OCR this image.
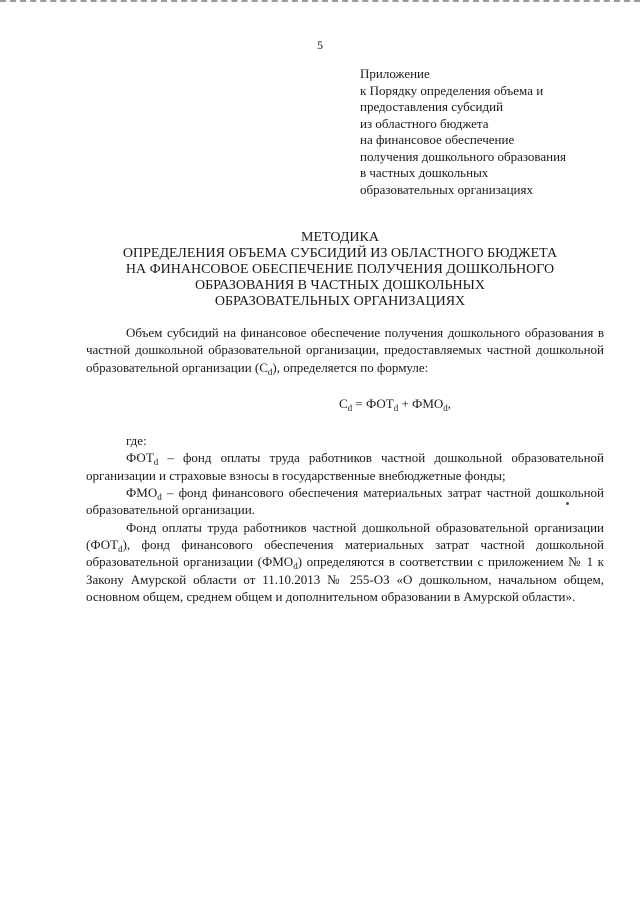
5
Приложение
к Порядку определения объема и
предоставления субсидий
из областного бюджета
на финансовое обеспечение
получения дошкольного образования
в частных дошкольных
образовательных организациях
МЕТОДИКА
ОПРЕДЕЛЕНИЯ ОБЪЕМА СУБСИДИЙ ИЗ ОБЛАСТНОГО БЮДЖЕТА
НА ФИНАНСОВОЕ ОБЕСПЕЧЕНИЕ ПОЛУЧЕНИЯ ДОШКОЛЬНОГО
ОБРАЗОВАНИЯ В ЧАСТНЫХ ДОШКОЛЬНЫХ
ОБРАЗОВАТЕЛЬНЫХ ОРГАНИЗАЦИЯХ

Объем субсидий на финансовое обеспечение получения дошкольного образования в частной дошкольной образовательной организации, предоставляемых частной дошкольной образовательной организации $(С_d)$, определяется по формуле:

$С_d = ФОТ_d + ФМО_d$,

где:

$ФОТ_d$ – фонд оплаты труда работников частной дошкольной образовательной организации и страховые взносы в государственные внебюджетные фонды;

$ФМО_d$ – фонд финансового обеспечения материальных затрат частной дошкольной образовательной организации.

Фонд оплаты труда работников частной дошкольной образовательной организации $(ФОТ_d)$, фонд финансового обеспечения материальных затрат частной дошкольной образовательной организации $(ФМО_d)$ определяются в соответствии с приложением № 1 к Закону Амурской области от 11.10.2013 № 255-ОЗ «О дошкольном, начальном общем, основном общем, среднем общем и дополнительном образовании в Амурской области».
